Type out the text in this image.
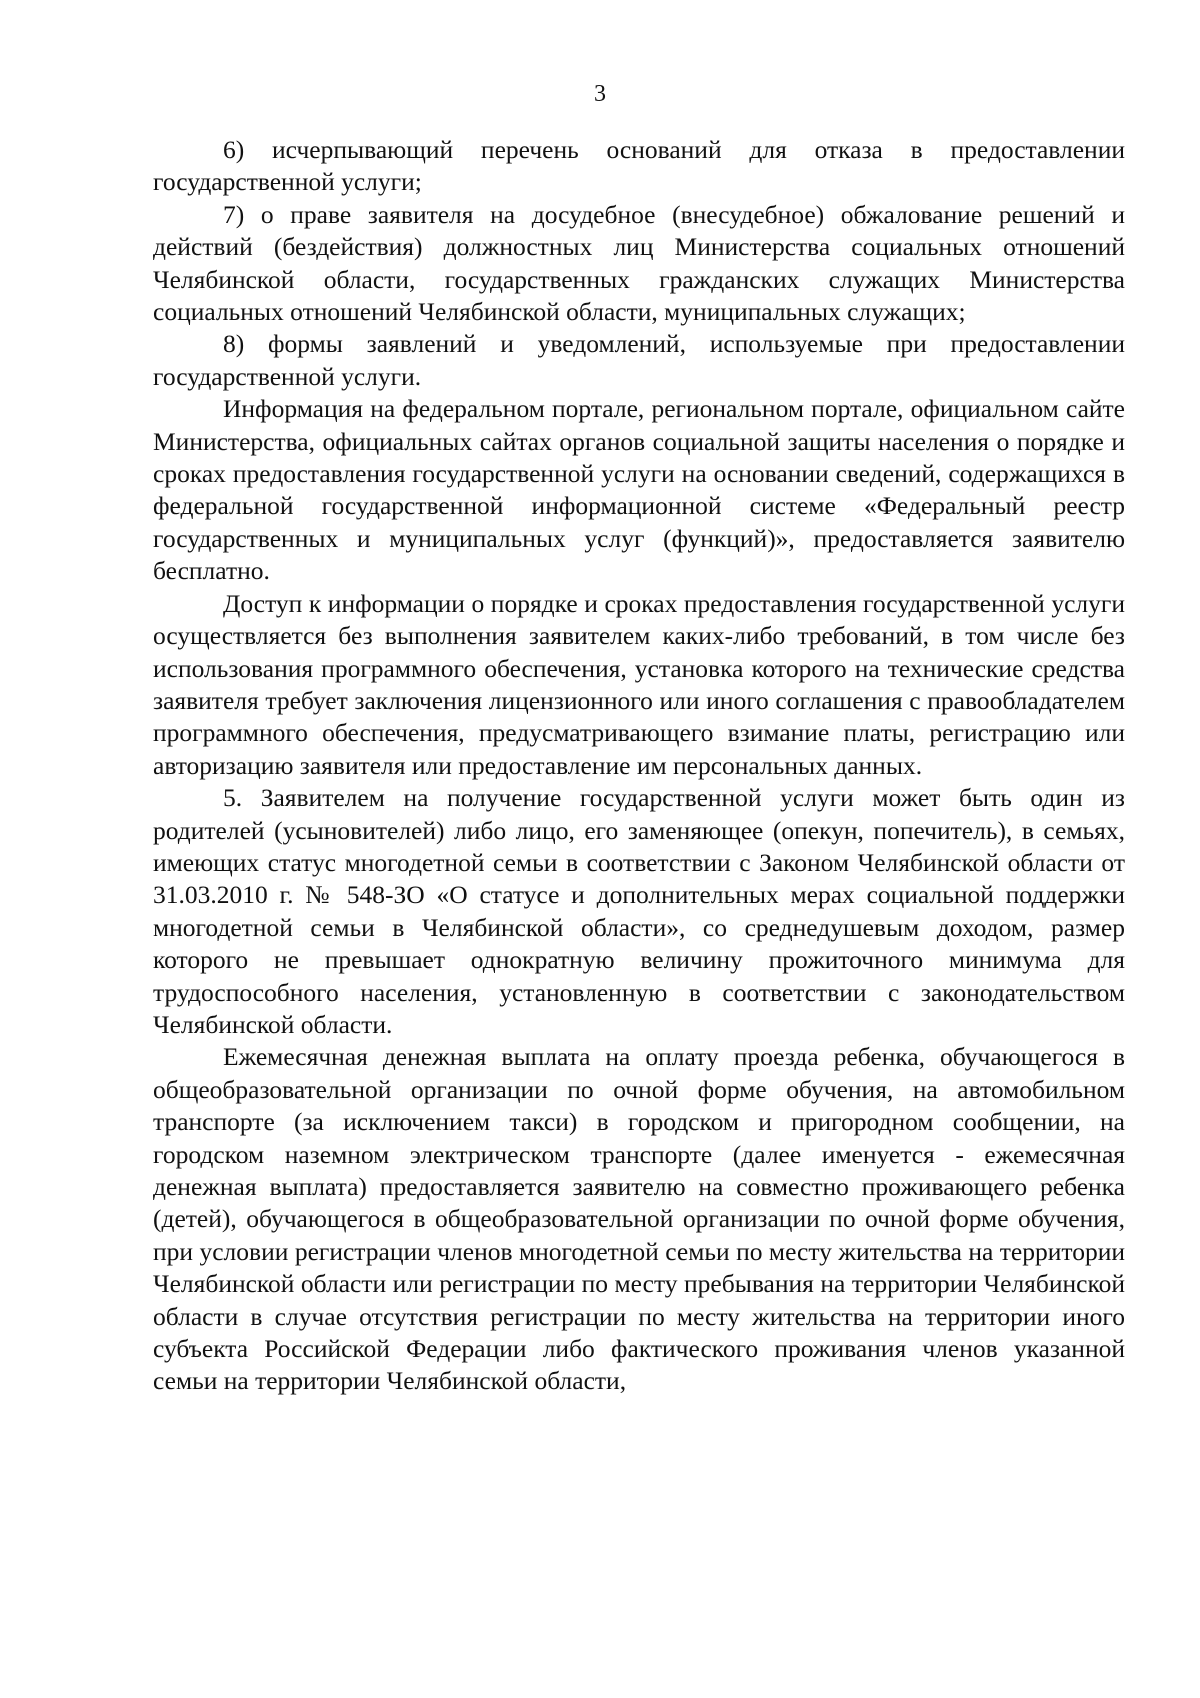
3

6) исчерпывающий перечень оснований для отказа в предоставлении государственной услуги;

7) о праве заявителя на досудебное (внесудебное) обжалование решений и действий (бездействия) должностных лиц Министерства социальных отношений Челябинской области, государственных гражданских служащих Министерства социальных отношений Челябинской области, муниципальных служащих;

8) формы заявлений и уведомлений, используемые при предоставлении государственной услуги.

Информация на федеральном портале, региональном портале, официальном сайте Министерства, официальных сайтах органов социальной защиты населения о порядке и сроках предоставления государственной услуги на основании сведений, содержащихся в федеральной государственной информационной системе «Федеральный реестр государственных и муниципальных услуг (функций)», предоставляется заявителю бесплатно.

Доступ к информации о порядке и сроках предоставления государственной услуги осуществляется без выполнения заявителем каких-либо требований, в том числе без использования программного обеспечения, установка которого на технические средства заявителя требует заключения лицензионного или иного соглашения с правообладателем программного обеспечения, предусматривающего взимание платы, регистрацию или авторизацию заявителя или предоставление им персональных данных.

5. Заявителем на получение государственной услуги может быть один из родителей (усыновителей) либо лицо, его заменяющее (опекун, попечитель), в семьях, имеющих статус многодетной семьи в соответствии с Законом Челябинской области от 31.03.2010 г. № 548-ЗО «О статусе и дополнительных мерах социальной поддержки многодетной семьи в Челябинской области», со среднедушевым доходом, размер которого не превышает однократную величину прожиточного минимума для трудоспособного населения, установленную в соответствии с законодательством Челябинской области.

Ежемесячная денежная выплата на оплату проезда ребенка, обучающегося в общеобразовательной организации по очной форме обучения, на автомобильном транспорте (за исключением такси) в городском и пригородном сообщении, на городском наземном электрическом транспорте (далее именуется - ежемесячная денежная выплата) предоставляется заявителю на совместно проживающего ребенка (детей), обучающегося в общеобразовательной организации по очной форме обучения, при условии регистрации членов многодетной семьи по месту жительства на территории Челябинской области или регистрации по месту пребывания на территории Челябинской области в случае отсутствия регистрации по месту жительства на территории иного субъекта Российской Федерации либо фактического проживания членов указанной семьи на территории Челябинской области,
